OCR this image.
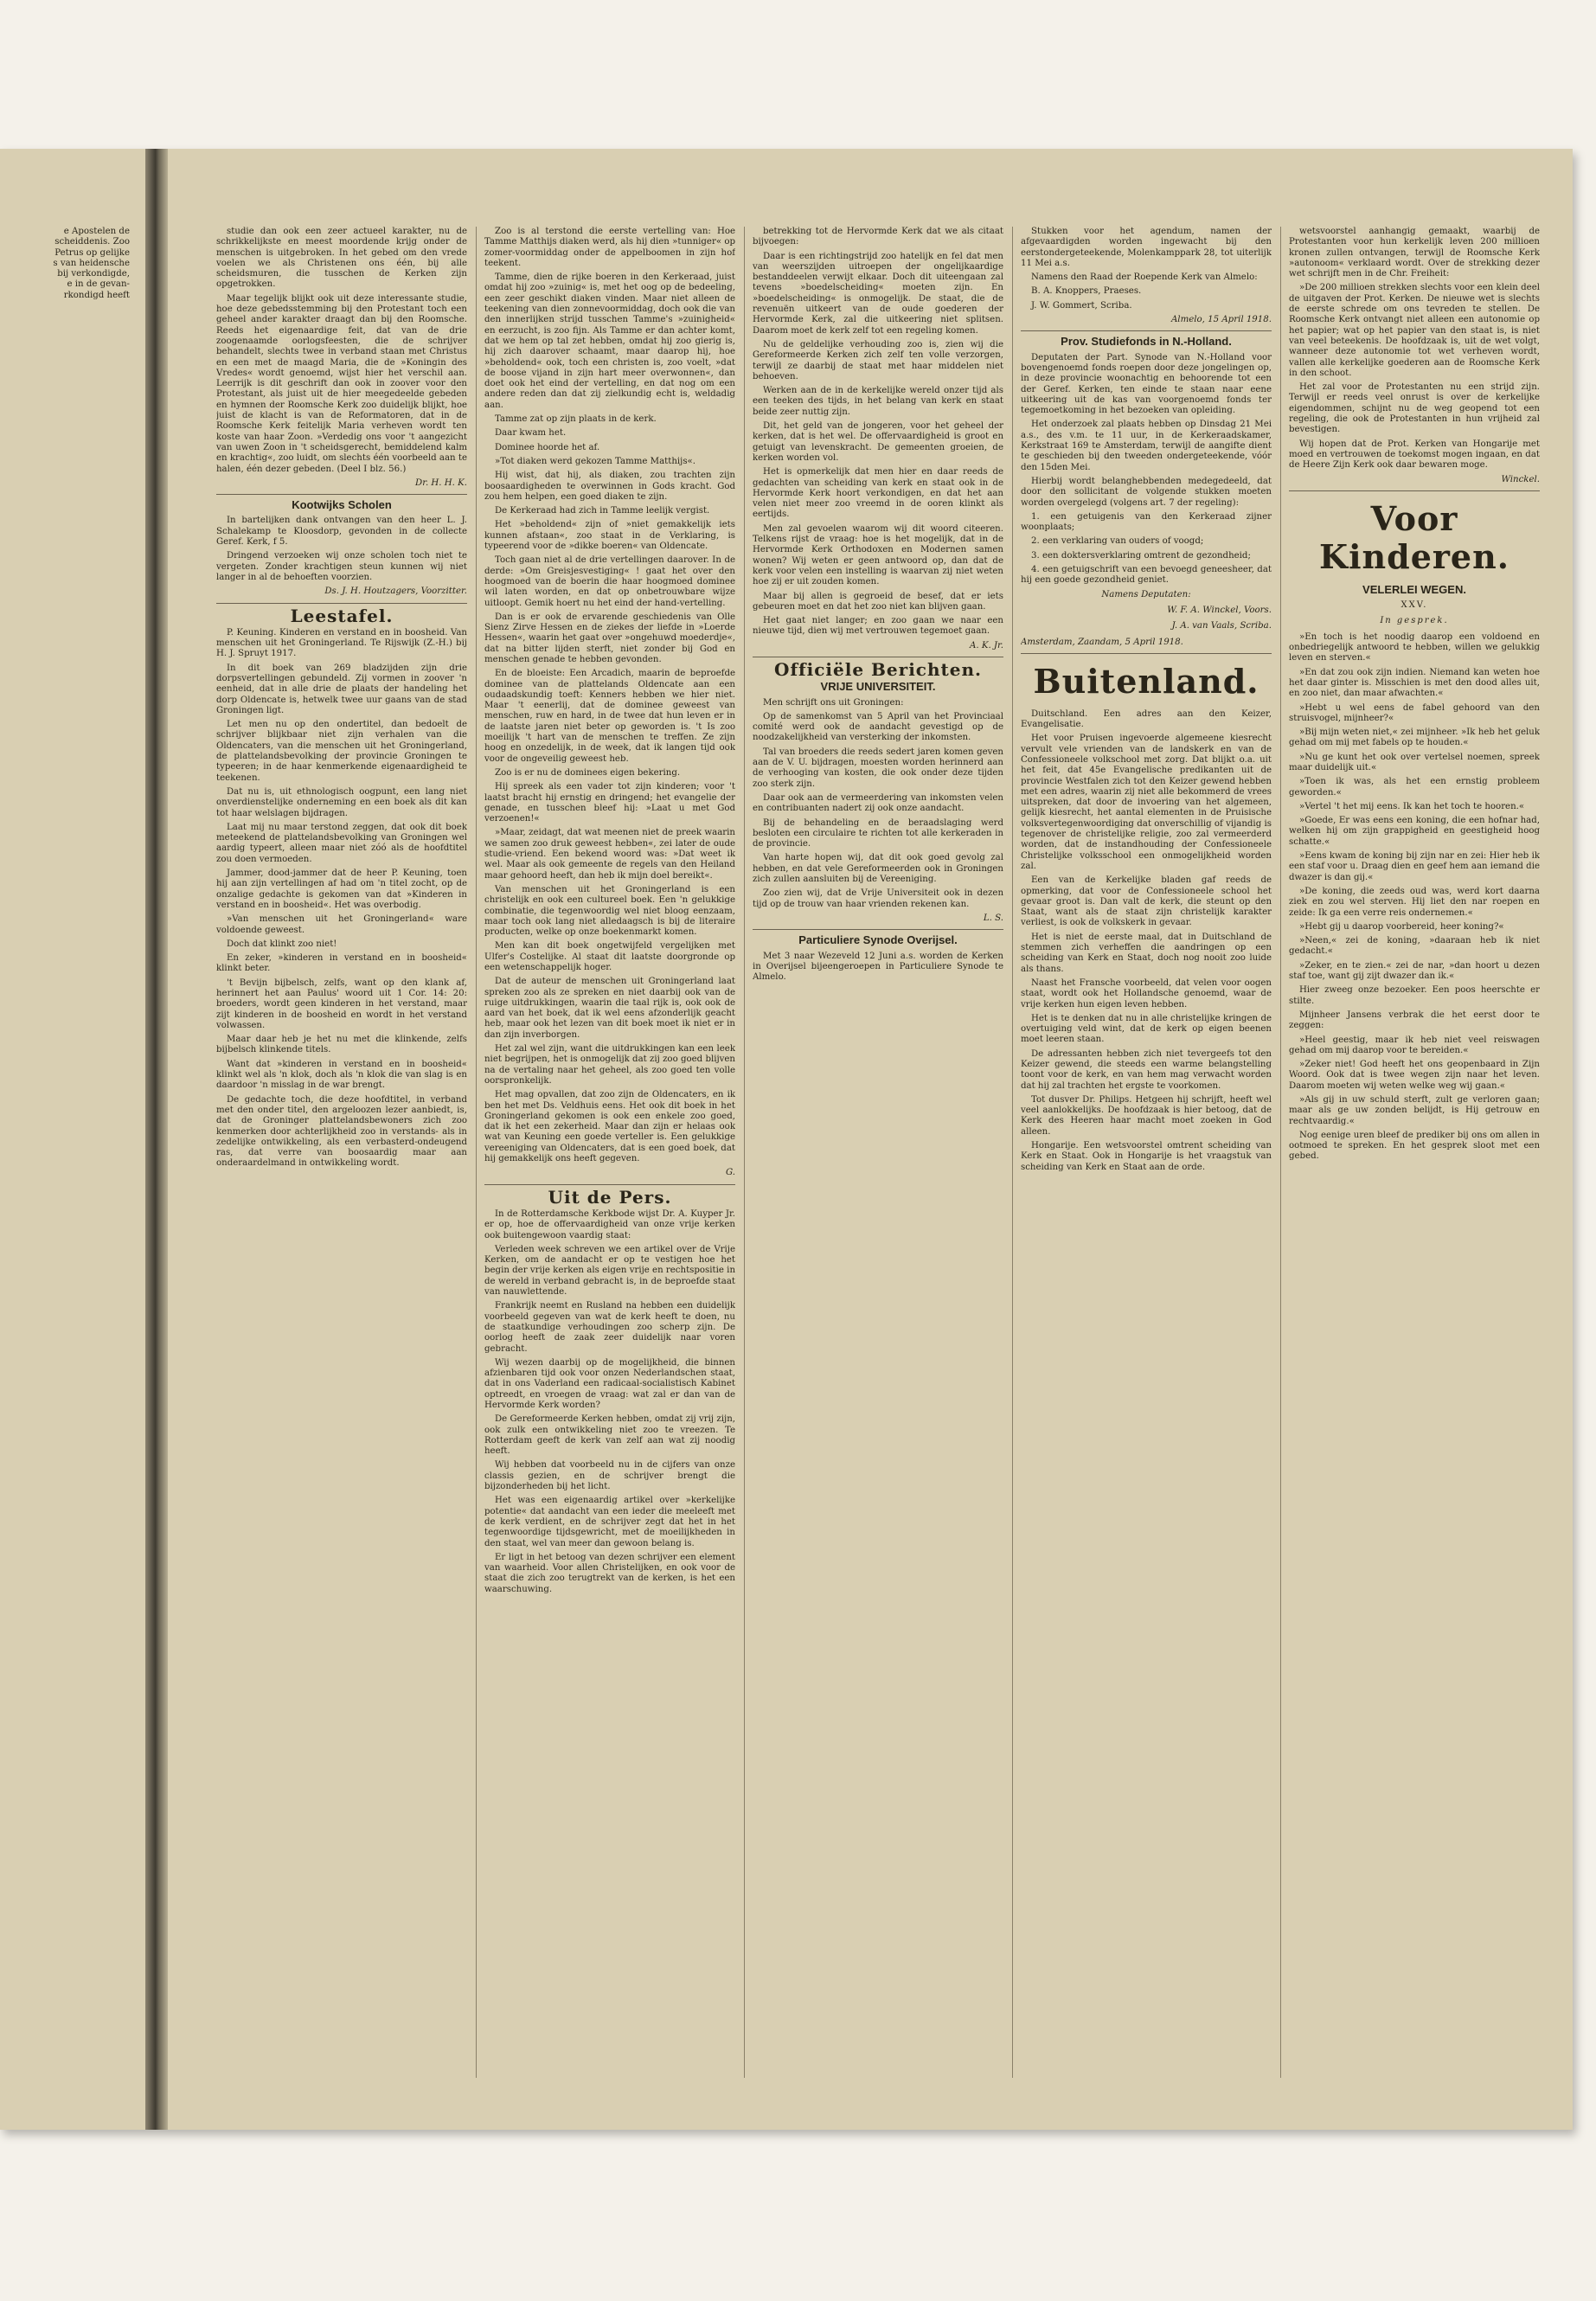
e Apostelen de
scheiddenis. Zoo
Petrus op gelijke
s van heidensche
bij verkondigde,
e in de gevan-
rkondigd heeft

studie dan ook een zeer actueel karakter, nu de schrikkelijkste en meest moordende krijg onder de menschen is uitgebroken. In het gebed om den vrede voelen we als Christenen ons één, bij alle scheidsmuren, die tusschen de Kerken zijn opgetrokken.

Maar tegelijk blijkt ook uit deze interessante studie, hoe deze gebedsstemming bij den Protestant toch een geheel ander karakter draagt dan bij den Roomsche. Reeds het eigenaardige feit, dat van de drie zoogenaamde oorlogsfeesten, die de schrijver behandelt, slechts twee in verband staan met Christus en een met de maagd Maria, die de »Koningin des Vredes« wordt genoemd, wijst hier het verschil aan. Leerrijk is dit geschrift dan ook in zoover voor den Protestant, als juist uit de hier meegedeelde gebeden en hymnen der Roomsche Kerk zoo duidelijk blijkt, hoe juist de klacht is van de Reformatoren, dat in de Roomsche Kerk feitelijk Maria verheven wordt ten koste van haar Zoon. »Verdedig ons voor 't aangezicht van uwen Zoon in 't scheidsgerecht, bemiddelend kalm en krachtig«, zoo luidt, om slechts één voorbeeld aan te halen, één dezer gebeden. (Deel I blz. 56.)

Dr. H. H. K.

Kootwijks Scholen

In bartelijken dank ontvangen van den heer L. J. Schalekamp te Kloosdorp, gevonden in de collecte Geref. Kerk, f 5.

Dringend verzoeken wij onze scholen toch niet te vergeten. Zonder krachtigen steun kunnen wij niet langer in al de behoeften voorzien.

Ds. J. H. Houtzagers, Voorzitter.

Leestafel.

P. Keuning. Kinderen en verstand en in boosheid. Van menschen uit het Groningerland. Te Rijswijk (Z.-H.) bij H. J. Spruyt 1917.

In dit boek van 269 bladzijden zijn drie dorpsvertellingen gebundeld. Zij vormen in zoover 'n eenheid, dat in alle drie de plaats der handeling het dorp Oldencate is, hetwelk twee uur gaans van de stad Groningen ligt.

Let men nu op den ondertitel, dan bedoelt de schrijver blijkbaar niet zijn verhalen van die Oldencaters, van die menschen uit het Groningerland, de plattelandsbevolking der provincie Groningen te typeeren; in de haar kenmerkende eigenaardigheid te teekenen.

Dat nu is, uit ethnologisch oogpunt, een lang niet onverdienstelijke onderneming en een boek als dit kan tot haar welslagen bijdragen.

Laat mij nu maar terstond zeggen, dat ook dit boek meteekend de plattelandsbevolking van Groningen wel aardig typeert, alleen maar niet zóó als de hoofdtitel zou doen vermoeden.

Jammer, dood-jammer dat de heer P. Keuning, toen hij aan zijn vertellingen af had om 'n titel zocht, op de onzalige gedachte is gekomen van dat »Kinderen in verstand en in boosheid«. Het was overbodig.

»Van menschen uit het Groningerland« ware voldoende geweest.

Doch dat klinkt zoo niet!

En zeker, »kinderen in verstand en in boosheid« klinkt beter.

't Bevijn bijbelsch, zelfs, want op den klank af, herinnert het aan Paulus' woord uit 1 Cor. 14: 20: broeders, wordt geen kinderen in het verstand, maar zijt kinderen in de boosheid en wordt in het verstand volwassen.

Maar daar heb je het nu met die klinkende, zelfs bijbelsch klinkende titels.

Want dat »kinderen in verstand en in boosheid« klinkt wel als 'n klok, doch als 'n klok die van slag is en daardoor 'n misslag in de war brengt.

De gedachte toch, die deze hoofdtitel, in verband met den onder titel, den argeloozen lezer aanbiedt, is, dat de Groninger plattelandsbewoners zich zoo kenmerken door achterlijkheid zoo in verstands- als in zedelijke ontwikkeling, als een verbasterd-ondeugend ras, dat verre van boosaardig maar aan onderaardelmand in ontwikkeling wordt.

Zoo is al terstond die eerste vertelling van: Hoe Tamme Matthijs diaken werd, als hij dien »tunniger« op zomer-voormiddag onder de appelboomen in zijn hof teekent.

Tamme, dien de rijke boeren in den Kerkeraad, juist omdat hij zoo »zuinig« is, met het oog op de bedeeling, een zeer geschikt diaken vinden. Maar niet alleen de teekening van dien zonnevoormiddag, doch ook die van den innerlijken strijd tusschen Tamme's »zuinigheid« en eerzucht, is zoo fijn. Als Tamme er dan achter komt, dat we hem op tal zet hebben, omdat hij zoo gierig is, hij zich daarover schaamt, maar daarop hij, hoe »beholdend« ook, toch een christen is, zoo voelt, »dat de boose vijand in zijn hart meer overwonnen«, dan doet ook het eind der vertelling, en dat nog om een andere reden dan dat zij zielkundig echt is, weldadig aan.

Tamme zat op zijn plaats in de kerk.

Daar kwam het.

Dominee hoorde het af.

»Tot diaken werd gekozen Tamme Matthijs«.

Hij wist, dat hij, als diaken, zou trachten zijn boosaardigheden te overwinnen in Gods kracht. God zou hem helpen, een goed diaken te zijn.

De Kerkeraad had zich in Tamme leelijk vergist.

Het »beholdend« zijn of »niet gemakkelijk iets kunnen afstaan«, zoo staat in de Verklaring, is typeerend voor de »dikke boeren« van Oldencate.

Toch gaan niet al de drie vertellingen daarover. In de derde: »Om Greisjesvestiging« ! gaat het over den hoogmoed van de boerin die haar hoogmoed dominee wil laten worden, en dat op onbetrouwbare wijze uitloopt. Gemik hoert nu het eind der hand-vertelling.

Dan is er ook de ervarende geschiedenis van Olle Sienz Zirve Hessen en de ziekes der liefde in »Loerde Hessen«, waarin het gaat over »ongehuwd moederdje«, dat na bitter lijden sterft, niet zonder bij God en menschen genade te hebben gevonden.

En de bloeiste: Een Arcadich, maarin de beproefde dominee van de plattelands Oldencate aan een oudaadskundig toeft: Kenners hebben we hier niet. Maar 't eenerlij, dat de dominee geweest van menschen, ruw en hard, in de twee dat hun leven er in de laatste jaren niet beter op geworden is. 't Is zoo moeilijk 't hart van de menschen te treffen. Ze zijn hoog en onzedelijk, in de week, dat ik langen tijd ook voor de ongeveilig geweest heb.

Zoo is er nu de dominees eigen bekering.

Hij spreek als een vader tot zijn kinderen; voor 't laatst bracht hij ernstig en dringend; het evangelie der genade, en tusschen bleef hij: »Laat u met God verzoenen!«

»Maar, zeidagt, dat wat meenen niet de preek waarin we samen zoo druk geweest hebben«, zei later de oude studie-vriend. Een bekend woord was: »Dat weet ik wel. Maar als ook gemeente de regels van den Heiland maar gehoord heeft, dan heb ik mijn doel bereikt«.

Van menschen uit het Groningerland is een christelijk en ook een cultureel boek. Een 'n gelukkige combinatie, die tegenwoordig wel niet bloog eenzaam, maar toch ook lang niet alledaagsch is bij de literaire producten, welke op onze boekenmarkt komen.

Men kan dit boek ongetwijfeld vergelijken met Ulfer's Costelijke. Al staat dit laatste doorgronde op een wetenschappelijk hoger.

Dat de auteur de menschen uit Groningerland laat spreken zoo als ze spreken en niet daarbij ook van de ruige uitdrukkingen, waarin die taal rijk is, ook ook de aard van het boek, dat ik wel eens afzonderlijk geacht heb, maar ook het lezen van dit boek moet ik niet er in dan zijn inverborgen.

Het zal wel zijn, want die uitdrukkingen kan een leek niet begrijpen, het is onmogelijk dat zij zoo goed blijven na de vertaling naar het geheel, als zoo goed ten volle oorspronkelijk.

Het mag opvallen, dat zoo zijn de Oldencaters, en ik ben het met Ds. Veldhuis eens. Het ook dit boek in het Groningerland gekomen is ook een enkele zoo goed, dat ik het een zekerheid. Maar dan zijn er helaas ook wat van Keuning een goede verteller is. Een gelukkige vereeniging van Oldencaters, dat is een goed boek, dat hij gemakkelijk ons heeft gegeven.

G.

Uit de Pers.

In de Rotterdamsche Kerkbode wijst Dr. A. Kuyper Jr. er op, hoe de offervaardigheid van onze vrije kerken ook buitengewoon vaardig staat:

Verleden week schreven we een artikel over de Vrije Kerken, om de aandacht er op te vestigen hoe het begin der vrije kerken als eigen vrije en rechtspositie in de wereld in verband gebracht is, in de beproefde staat van nauwlettende.

Frankrijk neemt en Rusland na hebben een duidelijk voorbeeld gegeven van wat de kerk heeft te doen, nu de staatkundige verhoudingen zoo scherp zijn. De oorlog heeft de zaak zeer duidelijk naar voren gebracht.

Wij wezen daarbij op de mogelijkheid, die binnen afzienbaren tijd ook voor onzen Nederlandschen staat, dat in ons Vaderland een radicaal-socialistisch Kabinet optreedt, en vroegen de vraag: wat zal er dan van de Hervormde Kerk worden?

De Gereformeerde Kerken hebben, omdat zij vrij zijn, ook zulk een ontwikkeling niet zoo te vreezen. Te Rotterdam geeft de kerk van zelf aan wat zij noodig heeft.

Wij hebben dat voorbeeld nu in de cijfers van onze classis gezien, en de schrijver brengt die bijzonderheden bij het licht.

Het was een eigenaardig artikel over »kerkelijke potentie« dat aandacht van een ieder die meeleeft met de kerk verdient, en de schrijver zegt dat het in het tegenwoordige tijdsgewricht, met de moeilijkheden in den staat, wel van meer dan gewoon belang is.

Er ligt in het betoog van dezen schrijver een element van waarheid. Voor allen Christelijken, en ook voor de staat die zich zoo terugtrekt van de kerken, is het een waarschuwing.

betrekking tot de Hervormde Kerk dat we als citaat bijvoegen:

Daar is een richtingstrijd zoo hatelijk en fel dat men van weerszijden uitroepen der ongelijkaardige bestanddeelen verwijt elkaar. Doch dit uiteengaan zal tevens »boedelscheiding« moeten zijn. En »boedelscheiding« is onmogelijk. De staat, die de revenuën uitkeert van de oude goederen der Hervormde Kerk, zal die uitkeering niet splitsen. Daarom moet de kerk zelf tot een regeling komen.

Nu de geldelijke verhouding zoo is, zien wij die Gereformeerde Kerken zich zelf ten volle verzorgen, terwijl ze daarbij de staat met haar middelen niet behoeven.

Werken aan de in de kerkelijke wereld onzer tijd als een teeken des tijds, in het belang van kerk en staat beide zeer nuttig zijn.

Dit, het geld van de jongeren, voor het geheel der kerken, dat is het wel. De offervaardigheid is groot en getuigt van levenskracht. De gemeenten groeien, de kerken worden vol.

Het is opmerkelijk dat men hier en daar reeds de gedachten van scheiding van kerk en staat ook in de Hervormde Kerk hoort verkondigen, en dat het aan velen niet meer zoo vreemd in de ooren klinkt als eertijds.

Men zal gevoelen waarom wij dit woord citeeren. Telkens rijst de vraag: hoe is het mogelijk, dat in de Hervormde Kerk Orthodoxen en Modernen samen wonen? Wij weten er geen antwoord op, dan dat de kerk voor velen een instelling is waarvan zij niet weten hoe zij er uit zouden komen.

Maar bij allen is gegroeid de besef, dat er iets gebeuren moet en dat het zoo niet kan blijven gaan.

Het gaat niet langer; en zoo gaan we naar een nieuwe tijd, dien wij met vertrouwen tegemoet gaan.

A. K. Jr.

Officiële Berichten.
VRIJE UNIVERSITEIT.

Men schrijft ons uit Groningen:

Op de samenkomst van 5 April van het Provinciaal comité werd ook de aandacht gevestigd op de noodzakelijkheid van versterking der inkomsten.

Tal van broeders die reeds sedert jaren komen geven aan de V. U. bijdragen, moesten worden herinnerd aan de verhooging van kosten, die ook onder deze tijden zoo sterk zijn.

Daar ook aan de vermeerdering van inkomsten velen en contribuanten nadert zij ook onze aandacht.

Bij de behandeling en de beraadslaging werd besloten een circulaire te richten tot alle kerkeraden in de provincie.

Van harte hopen wij, dat dit ook goed gevolg zal hebben, en dat vele Gereformeerden ook in Groningen zich zullen aansluiten bij de Vereeniging.

Zoo zien wij, dat de Vrije Universiteit ook in dezen tijd op de trouw van haar vrienden rekenen kan.

L. S.

Particuliere Synode Overijsel.

Met 3 naar Wezeveld 12 Juni a.s. worden de Kerken in Overijsel bijeengeroepen in Particuliere Synode te Almelo.

Stukken voor het agendum, namen der afgevaardigden worden ingewacht bij den eerstondergeteekende, Molenkamppark 28, tot uiterlijk 11 Mei a.s.

Namens den Raad der Roepende Kerk van Almelo:

B. A. Knoppers, Praeses.

J. W. Gommert, Scriba.

Almelo, 15 April 1918.

Prov. Studiefonds in N.-Holland.

Deputaten der Part. Synode van N.-Holland voor bovengenoemd fonds roepen door deze jongelingen op, in deze provincie woonachtig en behoorende tot een der Geref. Kerken, ten einde te staan naar eene uitkeering uit de kas van voorgenoemd fonds ter tegemoetkoming in het bezoeken van opleiding.

Het onderzoek zal plaats hebben op Dinsdag 21 Mei a.s., des v.m. te 11 uur, in de Kerkeraadskamer, Kerkstraat 169 te Amsterdam, terwijl de aangifte dient te geschieden bij den tweeden ondergeteekende, vóór den 15den Mei.

Hierbij wordt belanghebbenden medegedeeld, dat door den sollicitant de volgende stukken moeten worden overgelegd (volgens art. 7 der regeling):

1. een getuigenis van den Kerkeraad zijner woonplaats;

2. een verklaring van ouders of voogd;

3. een doktersverklaring omtrent de gezondheid;

4. een getuigschrift van een bevoegd geneesheer, dat hij een goede gezondheid geniet.

Namens Deputaten:

W. F. A. Winckel, Voors.

J. A. van Vaals, Scriba.

Amsterdam, Zaandam, 5 April 1918.

Buitenland.

Duitschland. Een adres aan den Keizer, Evangelisatie.

Het voor Pruisen ingevoerde algemeene kiesrecht vervult vele vrienden van de landskerk en van de Confessioneele volkschool met zorg. Dat blijkt o.a. uit het feit, dat 45e Evangelische predikanten uit de provincie Westfalen zich tot den Keizer gewend hebben met een adres, waarin zij niet alle bekommerd de vrees uitspreken, dat door de invoering van het algemeen, gelijk kiesrecht, het aantal elementen in de Pruisische volksvertegenwoordiging dat onverschillig of vijandig is tegenover de christelijke religie, zoo zal vermeerderd worden, dat de instandhouding der Confessioneele Christelijke volksschool een onmogelijkheid worden zal.

Een van de Kerkelijke bladen gaf reeds de opmerking, dat voor de Confessioneele school het gevaar groot is. Dan valt de kerk, die steunt op den Staat, want als de staat zijn christelijk karakter verliest, is ook de volkskerk in gevaar.

Het is niet de eerste maal, dat in Duitschland de stemmen zich verheffen die aandringen op een scheiding van Kerk en Staat, doch nog nooit zoo luide als thans.

Naast het Fransche voorbeeld, dat velen voor oogen staat, wordt ook het Hollandsche genoemd, waar de vrije kerken hun eigen leven hebben.

Het is te denken dat nu in alle christelijke kringen de overtuiging veld wint, dat de kerk op eigen beenen moet leeren staan.

De adressanten hebben zich niet tevergeefs tot den Keizer gewend, die steeds een warme belangstelling toont voor de kerk, en van hem mag verwacht worden dat hij zal trachten het ergste te voorkomen.

Tot dusver Dr. Philips. Hetgeen hij schrijft, heeft wel veel aanlokkelijks. De hoofdzaak is hier betoog, dat de Kerk des Heeren haar macht moet zoeken in God alleen.

Hongarije. Een wetsvoorstel omtrent scheiding van Kerk en Staat. Ook in Hongarije is het vraagstuk van scheiding van Kerk en Staat aan de orde.

wetsvoorstel aanhangig gemaakt, waarbij de Protestanten voor hun kerkelijk leven 200 millioen kronen zullen ontvangen, terwijl de Roomsche Kerk »autonoom« verklaard wordt. Over de strekking dezer wet schrijft men in de Chr. Freiheit:

»De 200 millioen strekken slechts voor een klein deel de uitgaven der Prot. Kerken. De nieuwe wet is slechts de eerste schrede om ons tevreden te stellen. De Roomsche Kerk ontvangt niet alleen een autonomie op het papier; wat op het papier van den staat is, is niet van veel beteekenis. De hoofdzaak is, uit de wet volgt, wanneer deze autonomie tot wet verheven wordt, vallen alle kerkelijke goederen aan de Roomsche Kerk in den schoot.

Het zal voor de Protestanten nu een strijd zijn. Terwijl er reeds veel onrust is over de kerkelijke eigendommen, schijnt nu de weg geopend tot een regeling, die ook de Protestanten in hun vrijheid zal bevestigen.

Wij hopen dat de Prot. Kerken van Hongarije met moed en vertrouwen de toekomst mogen ingaan, en dat de Heere Zijn Kerk ook daar bewaren moge.

Winckel.

Voor Kinderen.
VELERLEI WEGEN.
XXV.
In gesprek.

»En toch is het noodig daarop een voldoend en onbedriegelijk antwoord te hebben, willen we gelukkig leven en sterven.«

»En dat zou ook zijn indien. Niemand kan weten hoe het daar ginter is. Misschien is met den dood alles uit, en zoo niet, dan maar afwachten.«

»Hebt u wel eens de fabel gehoord van den struisvogel, mijnheer?«

»Bij mijn weten niet,« zei mijnheer. »Ik heb het geluk gehad om mij met fabels op te houden.«

»Nu ge kunt het ook over vertelsel noemen, spreek maar duidelijk uit.«

»Toen ik was, als het een ernstig probleem geworden.«

»Vertel 't het mij eens. Ik kan het toch te hooren.«

»Goede, Er was eens een koning, die een hofnar had, welken hij om zijn grappigheid en geestigheid hoog schatte.«

»Eens kwam de koning bij zijn nar en zei: Hier heb ik een staf voor u. Draag dien en geef hem aan iemand die dwazer is dan gij.«

»De koning, die zeeds oud was, werd kort daarna ziek en zou wel sterven. Hij liet den nar roepen en zeide: Ik ga een verre reis ondernemen.«

»Hebt gij u daarop voorbereid, heer koning?«

»Neen,« zei de koning, »daaraan heb ik niet gedacht.«

»Zeker, en te zien.« zei de nar, »dan hoort u dezen staf toe, want gij zijt dwazer dan ik.«

Hier zweeg onze bezoeker. Een poos heerschte er stilte.

Mijnheer Jansens verbrak die het eerst door te zeggen:

»Heel geestig, maar ik heb niet veel reiswagen gehad om mij daarop voor te bereiden.«

»Zeker niet! God heeft het ons geopenbaard in Zijn Woord. Ook dat is twee wegen zijn naar het leven. Daarom moeten wij weten welke weg wij gaan.«

»Als gij in uw schuld sterft, zult ge verloren gaan; maar als ge uw zonden belijdt, is Hij getrouw en rechtvaardig.«

Nog eenige uren bleef de prediker bij ons om allen in ootmoed te spreken. En het gesprek sloot met een gebed.
